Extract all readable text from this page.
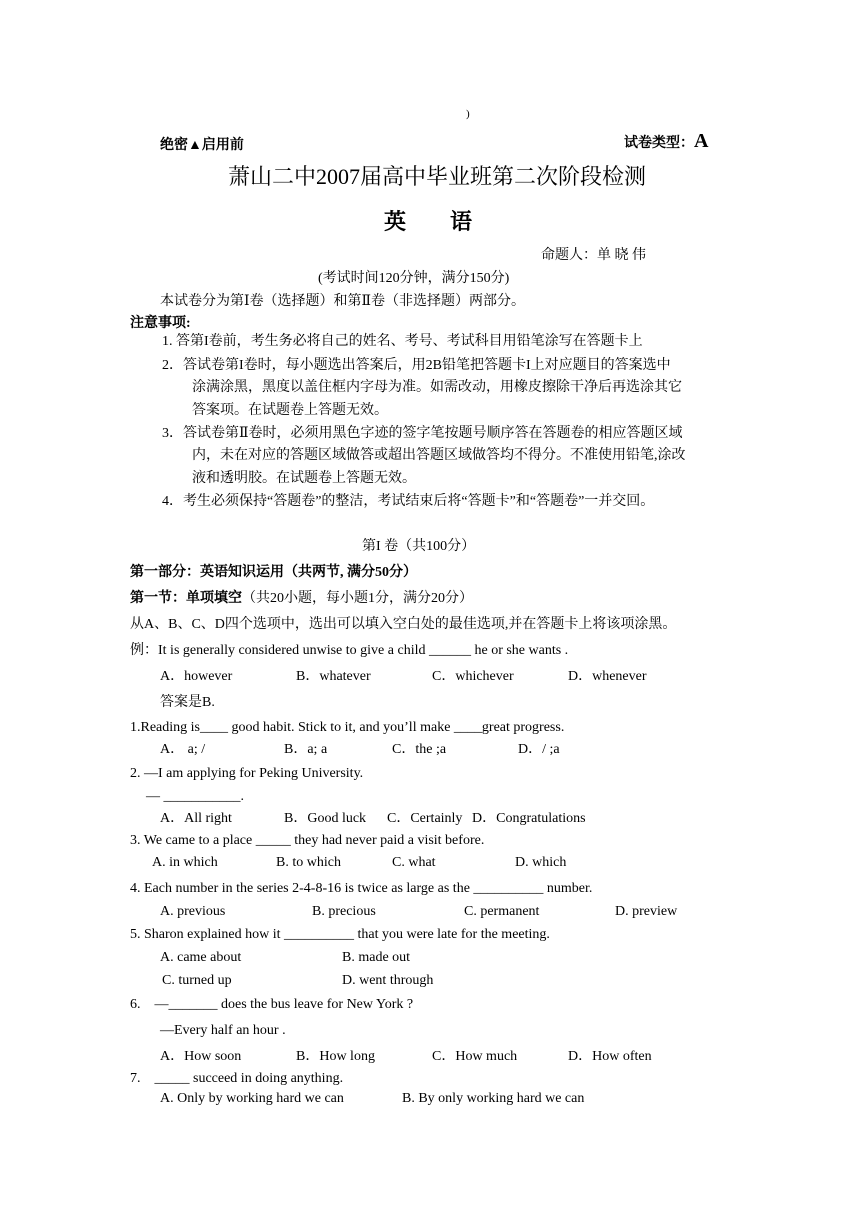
)
绝密▲启用前	试卷类型：A
萧山二中2007届高中毕业班第二次阶段检测
英　　语
命题人：单 晓 伟
(考试时间120分钟，满分150分)
本试卷分为第Ⅰ卷（选择题）和第Ⅱ卷（非选择题）两部分。
注意事项:
1. 答第I卷前，考生务必将自己的姓名、考号、考试科目用铅笔涂写在答题卡上
2．答试卷第I卷时，每小题选出答案后，用2B铅笔把答题卡I上对应题目的答案选中
涂满涂黑，黑度以盖住框内字母为准。如需改动，用橡皮擦除干净后再选涂其它
答案项。在试题卷上答题无效。
3．答试卷第Ⅱ卷时，必须用黑色字迹的签字笔按题号顺序答在答题卷的相应答题区域
内，未在对应的答题区域做答或超出答题区域做答均不得分。不准使用铅笔,涂改
液和透明胶。在试题卷上答题无效。
4．考生必须保持“答题卷”的整洁，考试结束后将“答题卡”和“答题卷”一并交回。
第I 卷（共100分）
第一部分：英语知识运用（共两节, 满分50分）
第一节：单项填空（共20小题，每小题1分，满分20分）
从A、B、C、D四个选项中，选出可以填入空白处的最佳选项,并在答题卡上将该项涂黑。
例：It is generally considered unwise to give a child ______ he or she wants .
A．however	B．whatever	C．whichever	D．whenever
答案是B.
1.Reading is____ good habit. Stick to it, and you’ll make ____great progress.
A． a; /	B．a; a	C．the ;a	D．/ ;a
2. —I am applying for Peking University.
— ___________.
A．All right	B．Good luck C．Certainly D．Congratulations
3. We came to a place _____ they had never paid a visit before.
A. in which	B. to which	C. what	D. which
4. Each number in the series 2-4-8-16 is twice as large as the __________ number.
A. previous	B. precious	C. permanent	D. preview
5. Sharon explained how it __________ that you were late for the meeting.
A. came about	B. made out
C. turned up	D. went through
6.　—_______ does the bus leave for New York ?
—Every half an hour .
A．How soon	B．How long	C．How much	D．How often
7.　_____ succeed in doing anything.
A. Only by working hard we can	B. By only working hard we can
